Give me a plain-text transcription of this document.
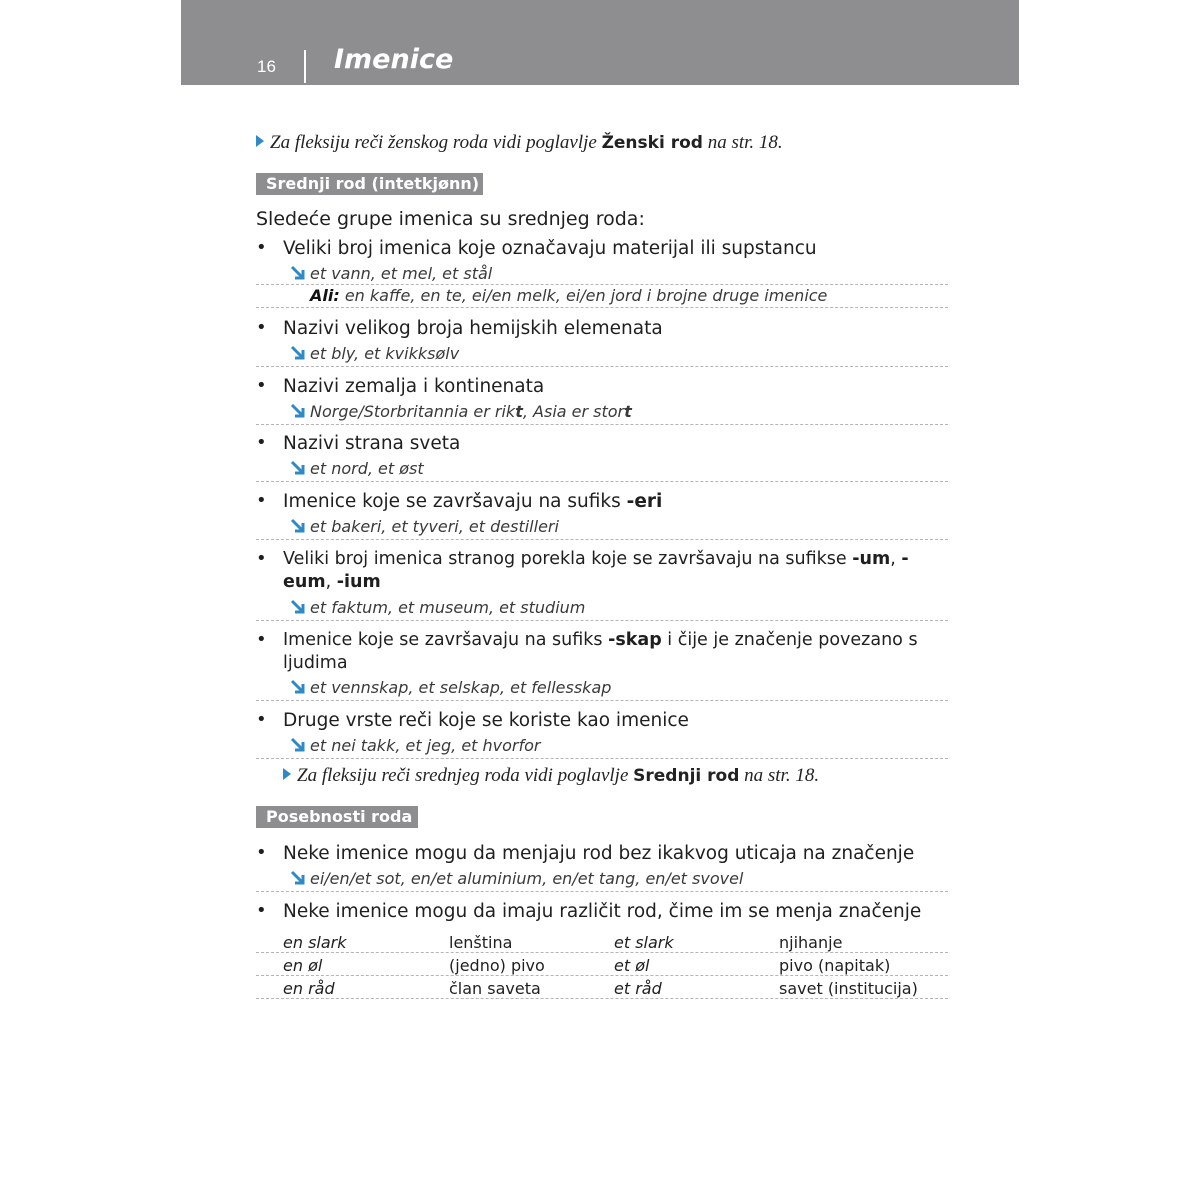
16 Imenice
Za fleksiju reči ženskog roda vidi poglavlje Ženski rod na str. 18.
Srednji rod (intetkjønn)
Sledeće grupe imenica su srednjeg roda:
• Veliki broj imenica koje označavaju materijal ili supstancu
et vann, et mel, et stål
Ali: en kaffe, en te, ei/en melk, ei/en jord i brojne druge imenice
• Nazivi velikog broja hemijskih elemenata
et bly, et kvikksølv
• Nazivi zemalja i kontinenata
Norge/Storbritannia er rikt, Asia er stort
• Nazivi strana sveta
et nord, et øst
• Imenice koje se završavaju na sufiks -eri
et bakeri, et tyveri, et destilleri
• Veliki broj imenica stranog porekla koje se završavaju na sufikse -um, -eum, -ium
et faktum, et museum, et studium
• Imenice koje se završavaju na sufiks -skap i čije je značenje povezano s ljudima
et vennskap, et selskap, et fellesskap
• Druge vrste reči koje se koriste kao imenice
et nei takk, et jeg, et hvorfor
Za fleksiju reči srednjeg roda vidi poglavlje Srednji rod na str. 18.
Posebnosti roda
• Neke imenice mogu da menjaju rod bez ikakvog uticaja na značenje
ei/en/et sot, en/et aluminium, en/et tang, en/et svovel
• Neke imenice mogu da imaju različit rod, čime im se menja značenje
en slark	lenština	et slark	njihanje
en øl	(jedno) pivo	et øl	pivo (napitak)
en råd	član saveta	et råd	savet (institucija)
